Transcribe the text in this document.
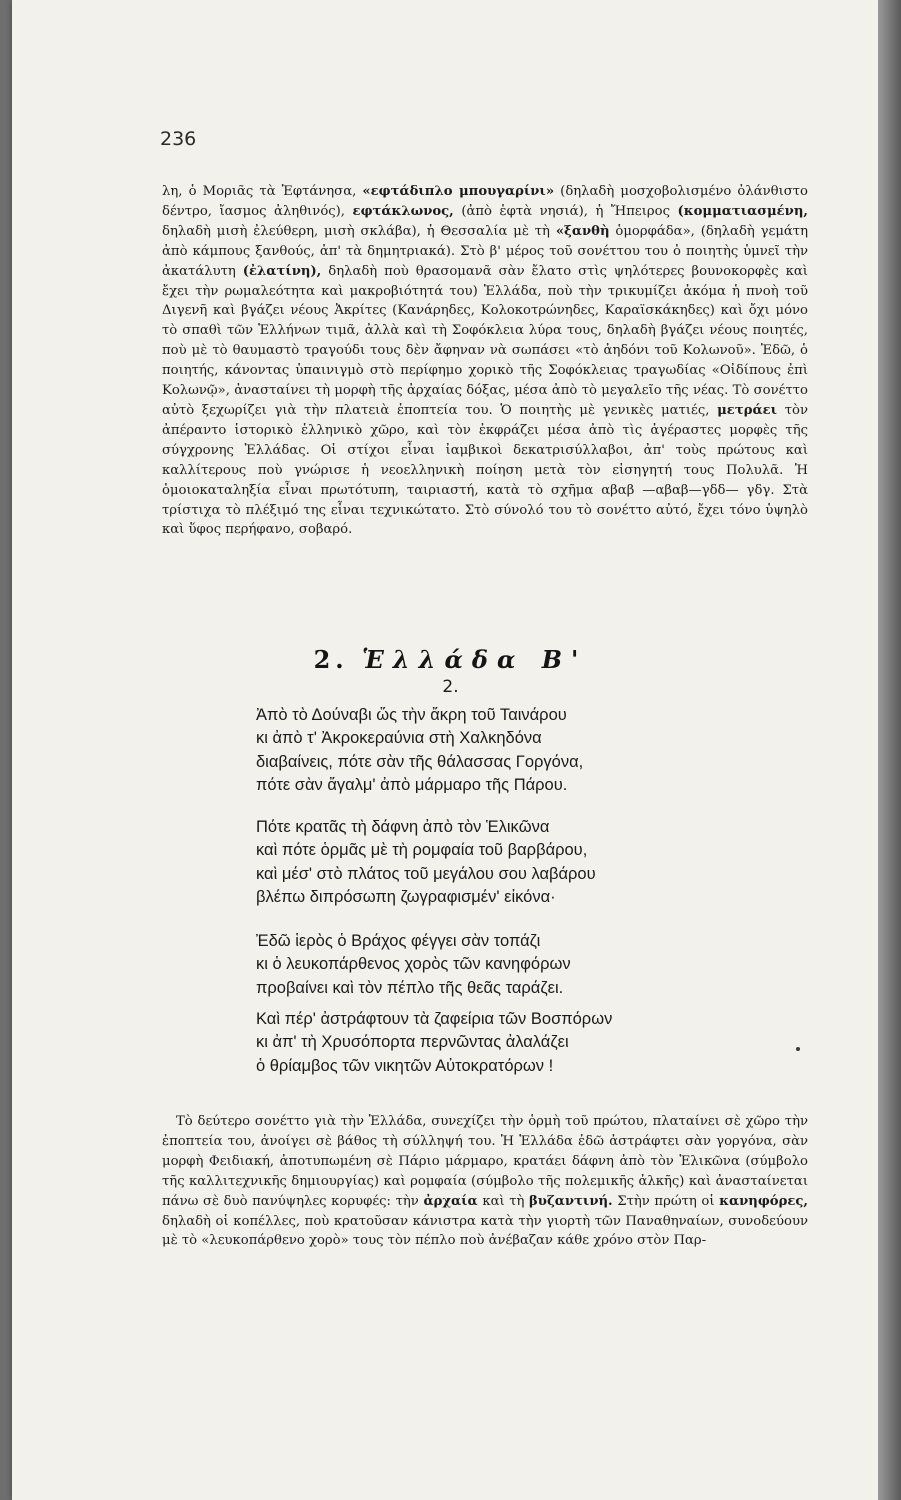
236

λη, ὁ Μοριᾶς τὰ Ἑφτάνησα, «εφτάδιπλο μπουγαρίνι» (δηλαδὴ μοσχοβολισμένο ὀλάνθιστο δέντρο, ἴασμος ἀληθινός), εφτάκλωνος, (ἀπὸ ἑφτὰ νησιά), ἡ Ἤπειρος (κομματιασμένη, δηλαδὴ μισὴ ἐλεύθερη, μισὴ σκλάβα), ἡ Θεσσαλία μὲ τὴ «ξανθὴ ὁμορφάδα», (δηλαδὴ γεμάτη ἀπὸ κάμπους ξανθούς, ἀπ' τὰ δημητριακά). Στὸ β' μέρος τοῦ σονέττου του ὁ ποιητὴς ὑμνεῖ τὴν ἀκατάλυτη (ἐλατίνη), δηλαδὴ ποὺ θρασομανᾶ σὰν ἔλατο στὶς ψηλότερες βουνοκορφὲς καὶ ἔχει τὴν ρωμαλεότητα καὶ μακροβιότητά του) Ἑλλάδα, ποὺ τὴν τρικυμίζει ἀκόμα ἡ πνοὴ τοῦ Διγενῆ καὶ βγάζει νέους Ἀκρίτες (Κανάρηδες, Κολοκοτρώνηδες, Καραϊσκάκηδες) καὶ ὄχι μόνο τὸ σπαθὶ τῶν Ἑλλήνων τιμᾶ, ἀλλὰ καὶ τὴ Σοφόκλεια λύρα τους, δηλαδὴ βγάζει νέους ποιητές, ποὺ μὲ τὸ θαυμαστὸ τραγούδι τους δὲν ἄφηναν νὰ σωπάσει «τὸ ἀηδόνι τοῦ Κολωνοῦ». Ἐδῶ, ὁ ποιητής, κάνοντας ὑπαινιγμὸ στὸ περίφημο χορικὸ τῆς Σοφόκλειας τραγωδίας «Οἰδίπους ἐπὶ Κολωνῷ», ἀνασταίνει τὴ μορφὴ τῆς ἀρχαίας δόξας, μέσα ἀπὸ τὸ μεγαλεῖο τῆς νέας. Τὸ σονέττο αὐτὸ ξεχωρίζει γιὰ τὴν πλατειὰ ἐποπτεία του. Ὁ ποιητὴς μὲ γενικὲς ματιές, μετράει τὸν ἀπέραντο ἱστορικὸ ἑλληνικὸ χῶρο, καὶ τὸν ἐκφράζει μέσα ἀπὸ τὶς ἀγέραστες μορφὲς τῆς σύγχρονης Ἑλλάδας. Οἱ στίχοι εἶναι ἰαμβικοὶ δεκατρισύλλαβοι, ἀπ' τοὺς πρώτους καὶ καλλίτερους ποὺ γνώρισε ἡ νεοελληνικὴ ποίηση μετὰ τὸν εἰσηγητή τους Πολυλᾶ. Ἡ ὁμοιοκαταληξία εἶναι πρωτότυπη, ταιριαστή, κατὰ τὸ σχῆμα αβαβ —αβαβ—γδδ— γδγ. Στὰ τρίστιχα τὸ πλέξιμό της εἶναι τεχνικώτατο. Στὸ σύνολό του τὸ σονέττο αὐτό, ἔχει τόνο ὑψηλὸ καὶ ὕφος περήφανο, σοβαρό.

2. Ἑλλάδα Β'
2.
Ἀπὸ τὸ Δούναβι ὥς τὴν ἄκρη τοῦ Ταινάρου
κι ἀπὸ τ' Ἀκροκεραύνια στὴ Χαλκηδόνα
διαβαίνεις, πότε σὰν τῆς θάλασσας Γοργόνα,
πότε σὰν ἄγαλμ' ἀπὸ μάρμαρο τῆς Πάρου.
Πότε κρατᾶς τὴ δάφνη ἀπὸ τὸν Ἑλικῶνα
καὶ πότε ὁρμᾶς μὲ τὴ ρομφαία τοῦ βαρβάρου,
καὶ μέσ' στὸ πλάτος τοῦ μεγάλου σου λαβάρου
βλέπω διπρόσωπη ζωγραφισμέν' εἰκόνα·
Ἐδῶ ἱερὸς ὁ Βράχος φέγγει σὰν τοπάζι
κι ὁ λευκοπάρθενος χορὸς τῶν κανηφόρων
προβαίνει καὶ τὸν πέπλο τῆς θεᾶς ταράζει.
Καὶ πέρ' ἀστράφτουν τὰ ζαφείρια τῶν Βοσπόρων
κι ἀπ' τὴ Χρυσόπορτα περνῶντας ἀλαλάζει
ὁ θρίαμβος τῶν νικητῶν Αὐτοκρατόρων !

Τὸ δεύτερο σονέττο γιὰ τὴν Ἑλλάδα, συνεχίζει τὴν ὁρμὴ τοῦ πρώτου, πλαταίνει σὲ χῶρο τὴν ἐποπτεία του, ἀνοίγει σὲ βάθος τὴ σύλληψή του. Ἡ Ἑλλάδα ἐδῶ ἀστράφτει σὰν γοργόνα, σὰν μορφὴ Φειδιακή, ἀποτυπωμένη σὲ Πάριο μάρμαρο, κρατάει δάφνη ἀπὸ τὸν Ἑλικῶνα (σύμβολο τῆς καλλιτεχνικῆς δημιουργίας) καὶ ρομφαία (σύμβολο τῆς πολεμικῆς ἀλκῆς) καὶ ἀνασταίνεται πάνω σὲ δυὸ πανύψηλες κορυφές: τὴν ἀρχαία καὶ τὴ βυζαντινή. Στὴν πρώτη οἱ κανηφόρες, δηλαδὴ οἱ κοπέλλες, ποὺ κρατοῦσαν κάνιστρα κατὰ τὴν γιορτὴ τῶν Παναθηναίων, συνοδεύουν μὲ τὸ «λευκοπάρθενο χορὸ» τους τὸν πέπλο ποὺ ἀνέβαζαν κάθε χρόνο στὸν Παρ-
